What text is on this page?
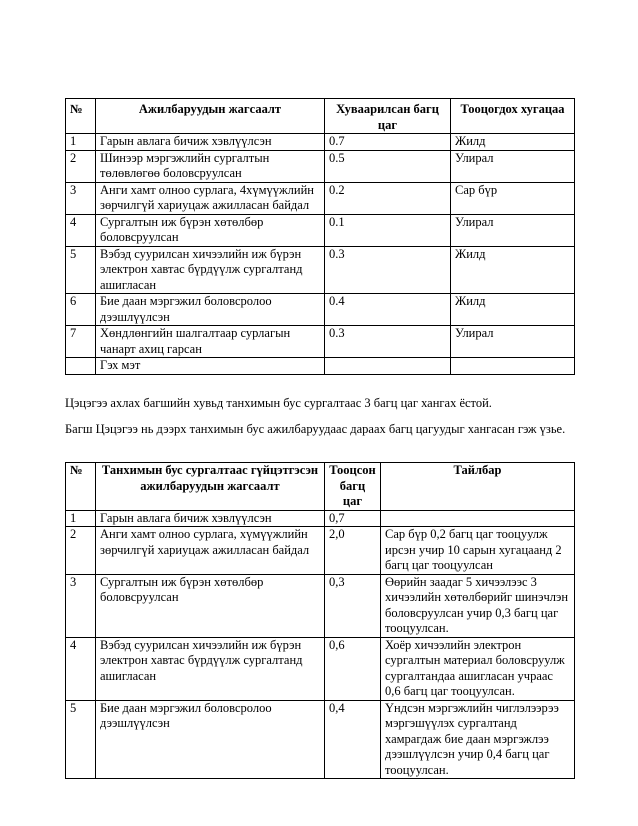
№	Ажилбаруудын жагсаалт	Хуваарилсан багц цаг	Тооцогдох хугацаа
1	Гарын авлага бичиж хэвлүүлсэн	0.7	Жилд
2	Шинээр мэргэжлийн сургалтын төлөвлөгөө боловсруулсан	0.5	Улирал
3	Анги хамт олноо сурлага, 4хүмүүжлийн зөрчилгүй хариуцаж ажилласан байдал	0.2	Сар бүр
4	Сургалтын иж бүрэн хөтөлбөр боловсруулсан	0.1	Улирал
5	Вэбэд суурилсан хичээлийн иж бүрэн электрон хавтас бүрдүүлж сургалтанд ашигласан	0.3	Жилд
6	Бие даан мэргэжил боловсролоо дээшлүүлсэн	0.4	Жилд
7	Хөндлөнгийн шалгалтаар сурлагын чанарт ахиц гарсан	0.3	Улирал
	Гэх мэт		

Цэцэгээ ахлах багшийн хувьд танхимын бус сургалтаас 3 багц цаг хангах ёстой.

Багш Цэцэгээ нь дээрх танхимын бус ажилбаруудаас дараах багц цагуудыг хангасан гэж үзье.

№	Танхимын бус сургалтаас гүйцэтгэсэн ажилбаруудын жагсаалт	Тооцсон багц цаг	Тайлбар
1	Гарын авлага бичиж хэвлүүлсэн	0,7	
2	Анги хамт олноо сурлага, хүмүүжлийн зөрчилгүй хариуцаж ажилласан байдал	2,0	Сар бүр 0,2 багц цаг тооцуулж ирсэн учир 10 сарын хугацаанд 2 багц цаг тооцуулсан
3	Сургалтын иж бүрэн хөтөлбөр боловсруулсан	0,3	Өөрийн заадаг 5 хичээлээс 3 хичээлийн хөтөлбөрийг шинэчлэн боловсруулсан учир 0,3 багц цаг тооцуулсан.
4	Вэбэд суурилсан хичээлийн иж бүрэн электрон хавтас бүрдүүлж сургалтанд ашигласан	0,6	Хоёр хичээлийн электрон сургалтын материал боловсруулж сургалтандаа ашигласан учраас 0,6 багц цаг тооцуулсан.
5	Бие даан мэргэжил боловсролоо дээшлүүлсэн	0,4	Үндсэн мэргэжлийн чиглэлээрээ мэргэшүүлэх сургалтанд хамрагдаж бие даан мэргэжлээ дээшлүүлсэн учир 0,4 багц цаг тооцуулсан.
